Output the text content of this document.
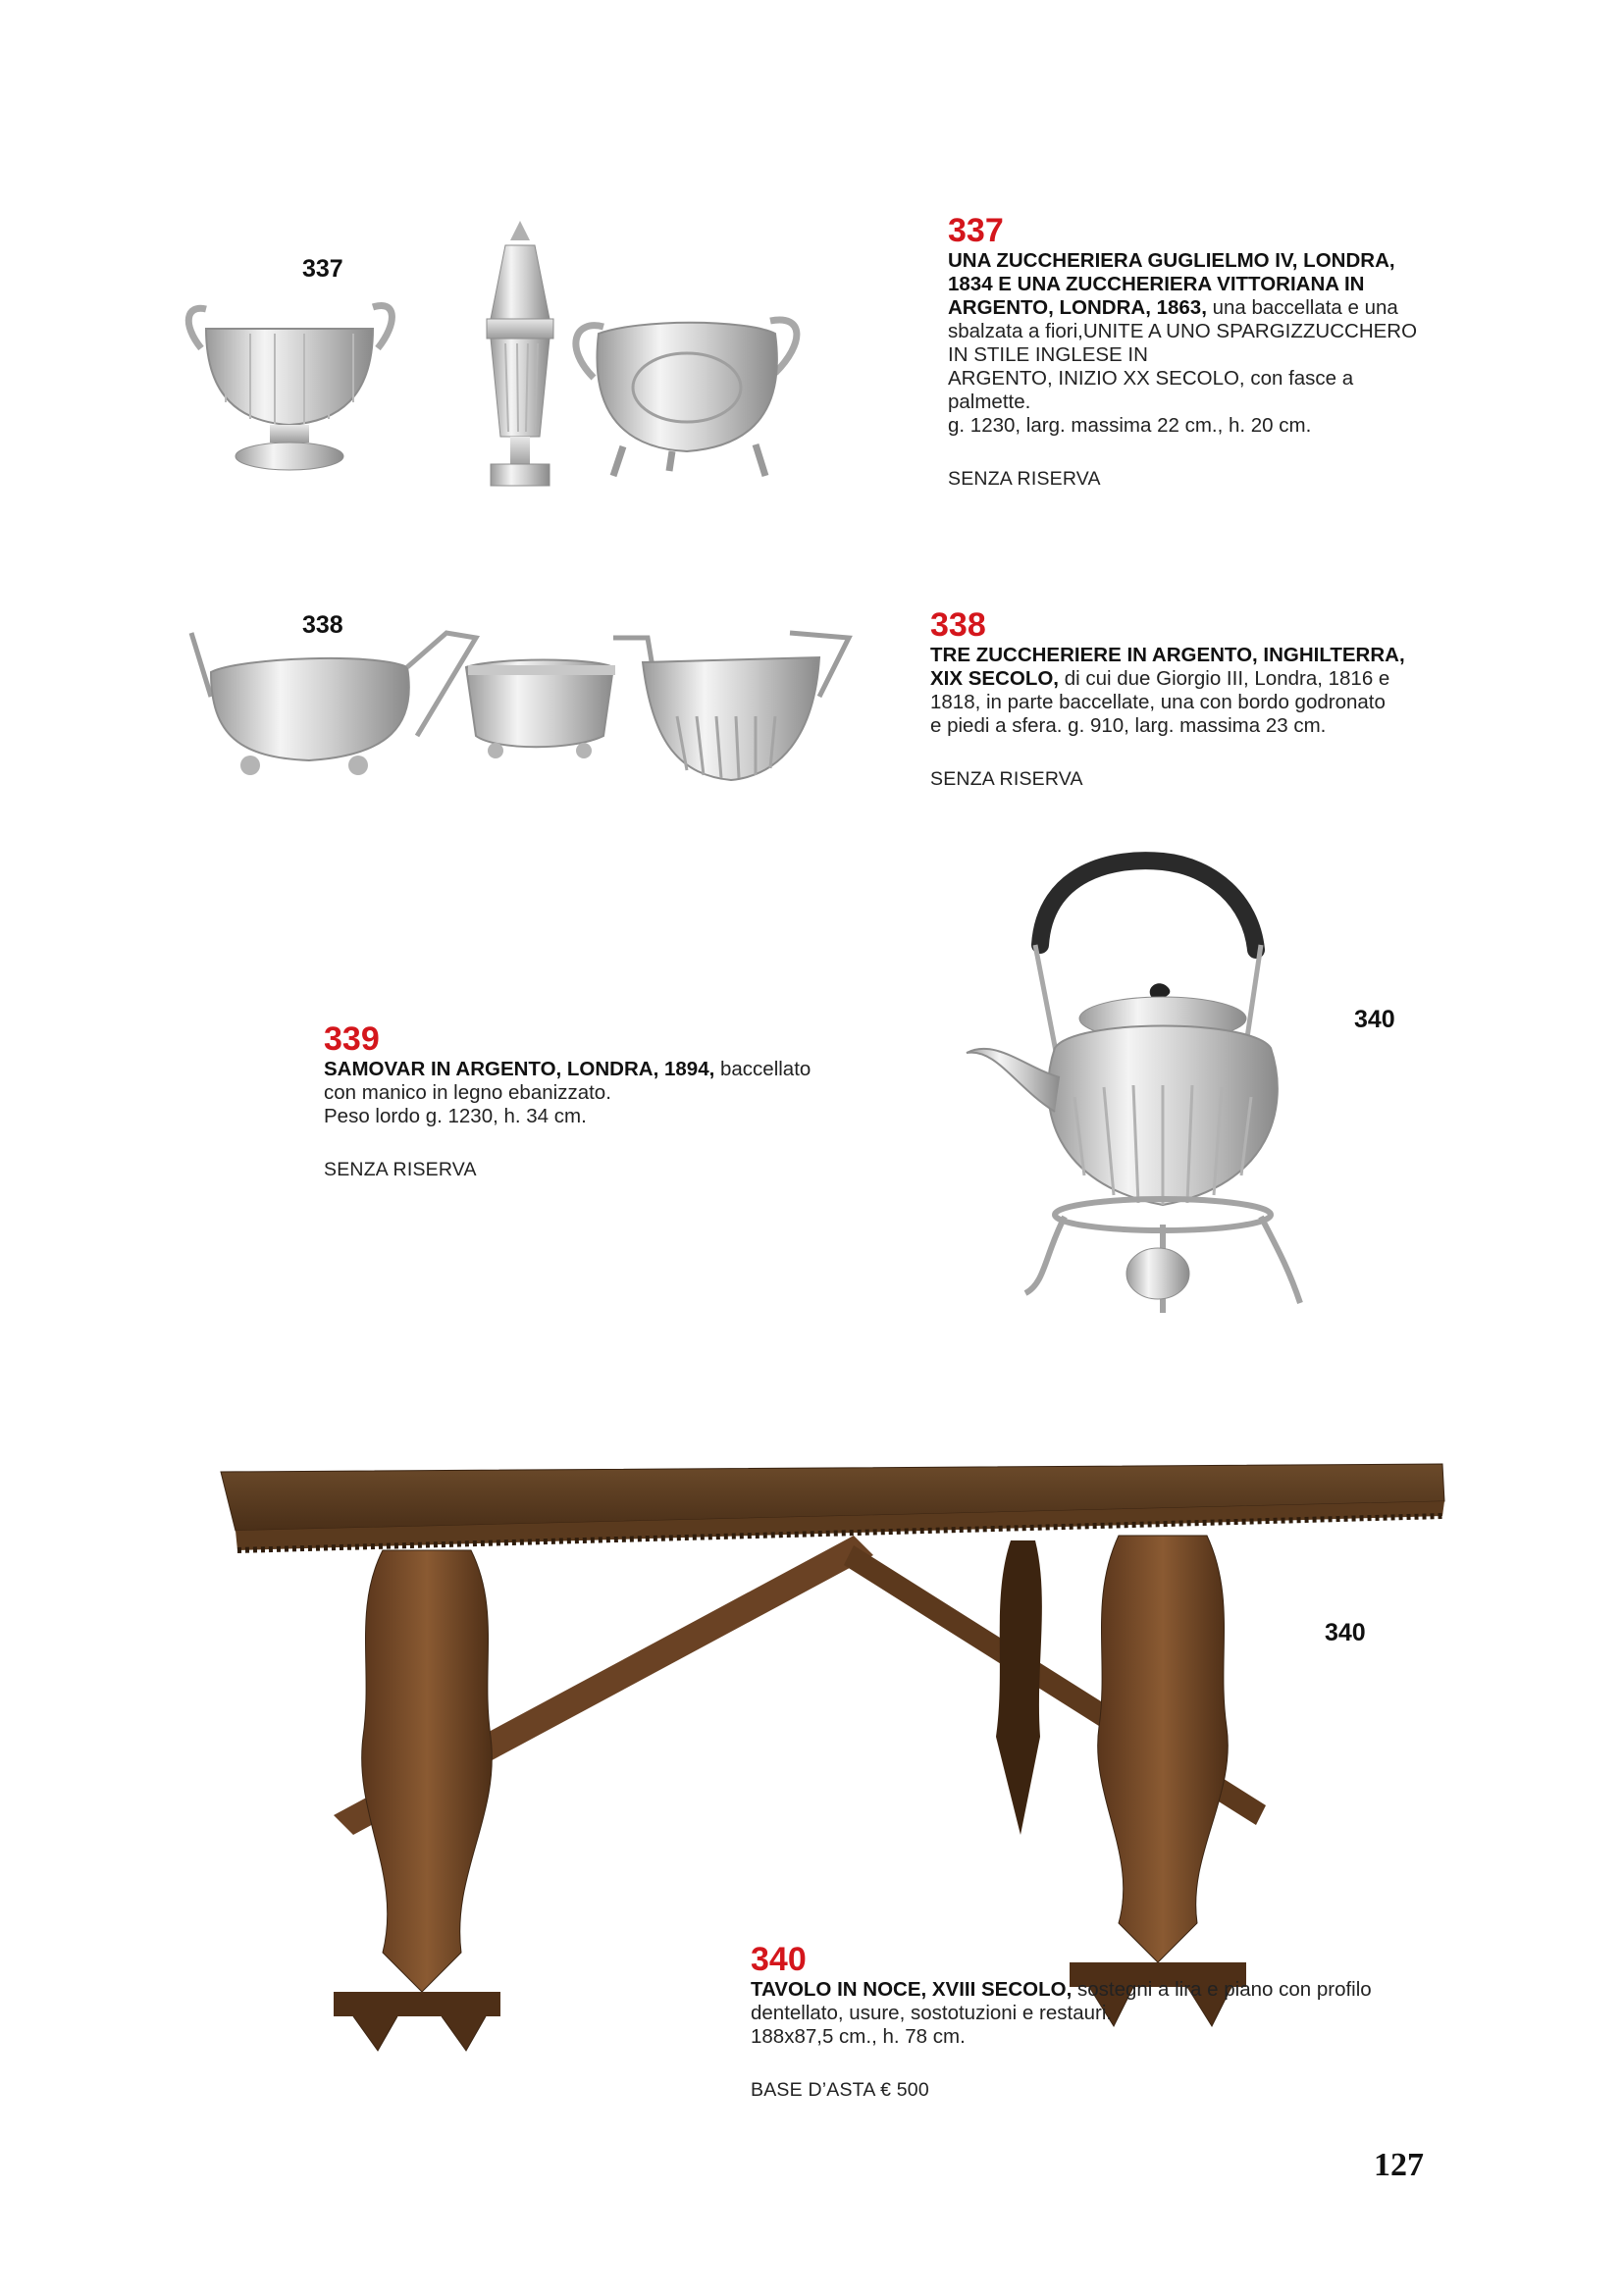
337
337
UNA ZUCCHERIERA GUGLIELMO IV, LONDRA,
1834 E UNA ZUCCHERIERA VITTORIANA IN
ARGENTO, LONDRA, 1863, una baccellata e una
sbalzata a fiori,UNITE A UNO SPARGIZZUCCHERO
IN STILE INGLESE IN
ARGENTO, INIZIO XX SECOLO, con fasce a
palmette.
g. 1230, larg. massima 22 cm., h. 20 cm.
SENZA RISERVA
338	338
TRE ZUCCHERIERE IN ARGENTO, INGHILTERRA,
XIX SECOLO, di cui due Giorgio III, Londra, 1816 e
1818, in parte baccellate, una con bordo godronato
e piedi a sfera. g. 910, larg. massima 23 cm.
SENZA RISERVA
339
SAMOVAR IN ARGENTO, LONDRA, 1894, baccellato
con manico in legno ebanizzato.
Peso lordo g. 1230, h. 34 cm.
SENZA RISERVA
340
340
340
TAVOLO IN NOCE, XVIII SECOLO, sostegni a lira e piano con profilo
dentellato, usure, sostotuzioni e restauri.
188x87,5 cm., h. 78 cm.
BASE D’ASTA € 500
127
